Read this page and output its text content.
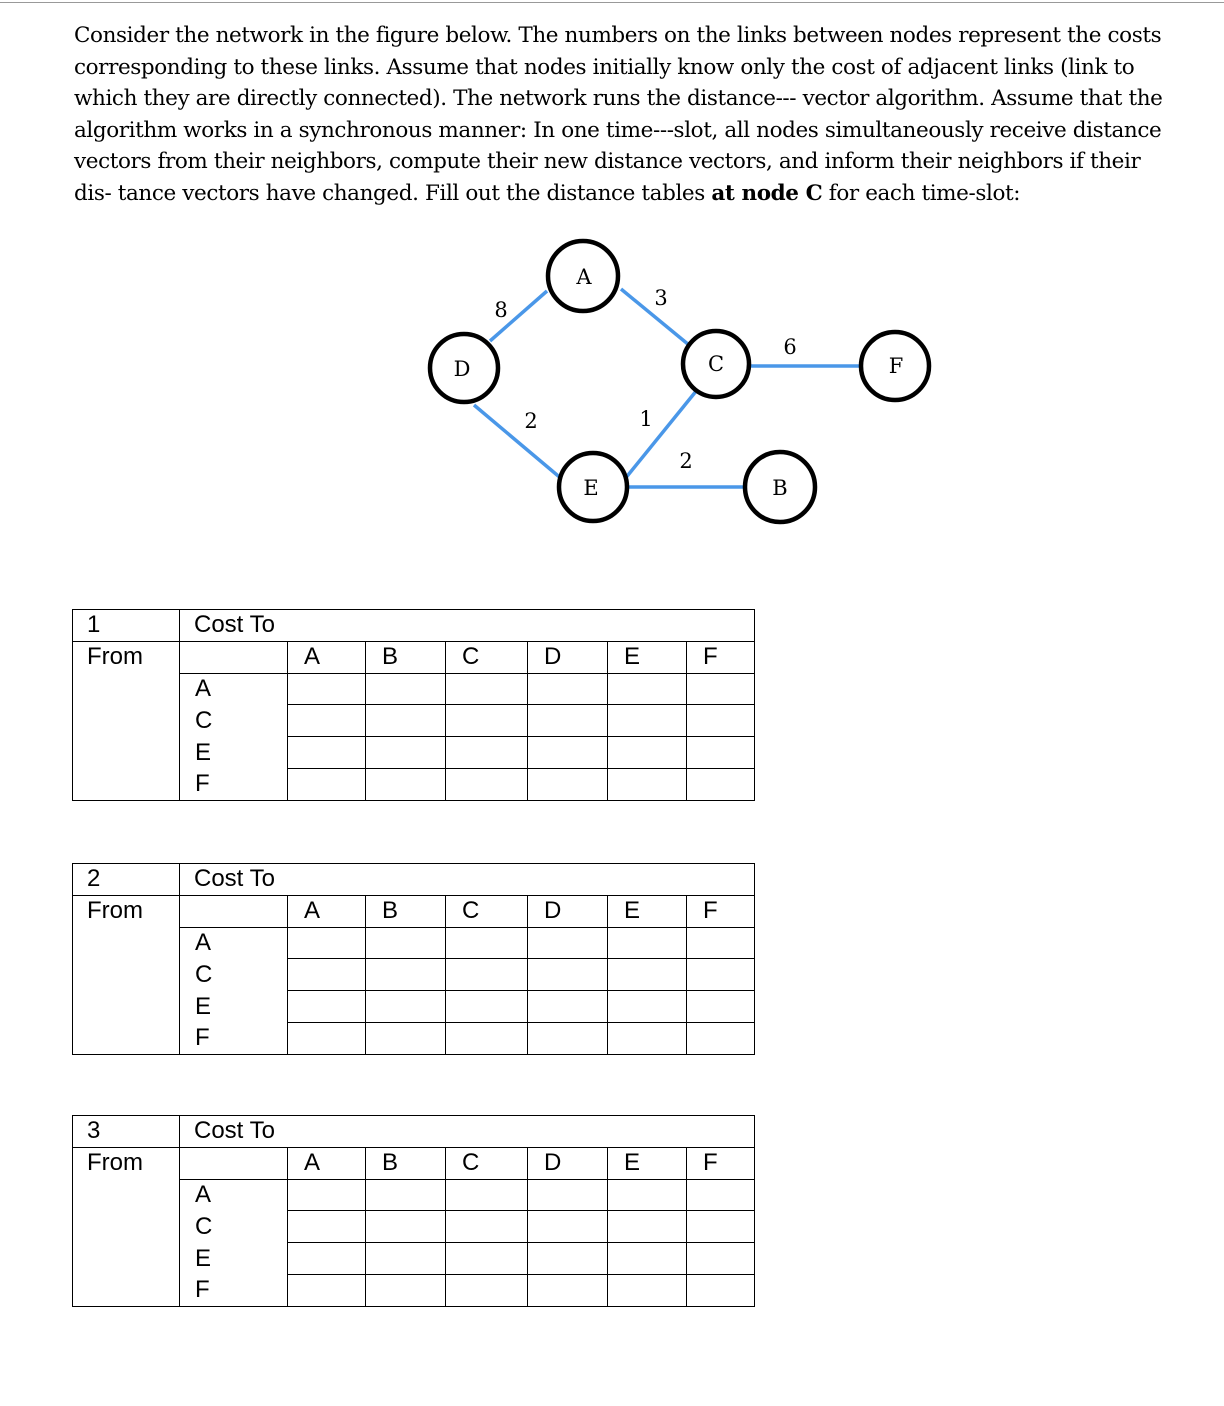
Consider the network in the figure below. The numbers on the links between nodes represent the costs corresponding to these links. Assume that nodes initially know only the cost of adjacent links (link to which they are directly connected). The network runs the distance--- vector algorithm. Assume that the algorithm works in a synchronous manner: In one time---slot, all nodes simultaneously receive distance vectors from their neighbors, compute their new distance vectors, and inform their neighbors if their dis- tance vectors have changed. Fill out the distance tables at node C for each time-slot:

A
C
D
E
F
B
8	3
2	1
2
6
1	Cost To						
From		A	B	C	D	E	F
	A						
	C						
	E						
	F						
2	Cost To						
From		A	B	C	D	E	F
	A						
	C						
	E						
	F						
3	Cost To						
From		A	B	C	D	E	F
	A						
	C						
	E						
	F						
